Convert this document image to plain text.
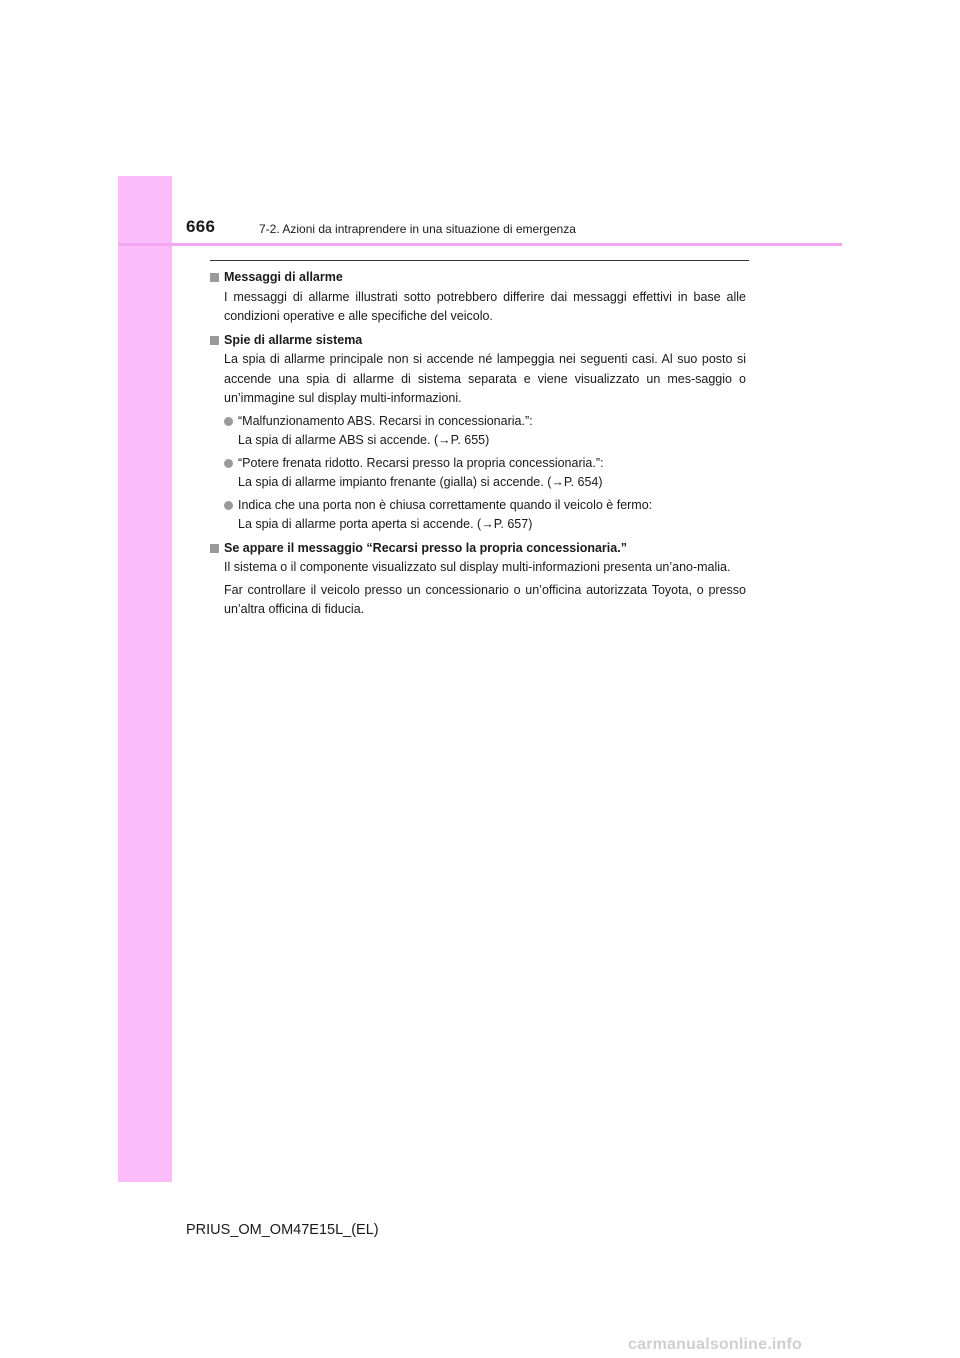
666	7-2. Azioni da intraprendere in una situazione di emergenza
Messaggi di allarme

I messaggi di allarme illustrati sotto potrebbero differire dai messaggi effettivi in base alle condizioni operative e alle specifiche del veicolo.

Spie di allarme sistema

La spia di allarme principale non si accende né lampeggia nei seguenti casi. Al suo posto si accende una spia di allarme di sistema separata e viene visualizzato un mes-saggio o un’immagine sul display multi-informazioni.

“Malfunzionamento ABS. Recarsi in concessionaria.”:
La spia di allarme ABS si accende. (→P. 655)
“Potere frenata ridotto. Recarsi presso la propria concessionaria.”:
La spia di allarme impianto frenante (gialla) si accende. (→P. 654)
Indica che una porta non è chiusa correttamente quando il veicolo è fermo:
La spia di allarme porta aperta si accende. (→P. 657)
Se appare il messaggio “Recarsi presso la propria concessionaria.”

Il sistema o il componente visualizzato sul display multi-informazioni presenta un’ano-malia.

Far controllare il veicolo presso un concessionario o un’officina autorizzata Toyota, o presso un’altra officina di fiducia.

PRIUS_OM_OM47E15L_(EL)
carmanualsonline.info
